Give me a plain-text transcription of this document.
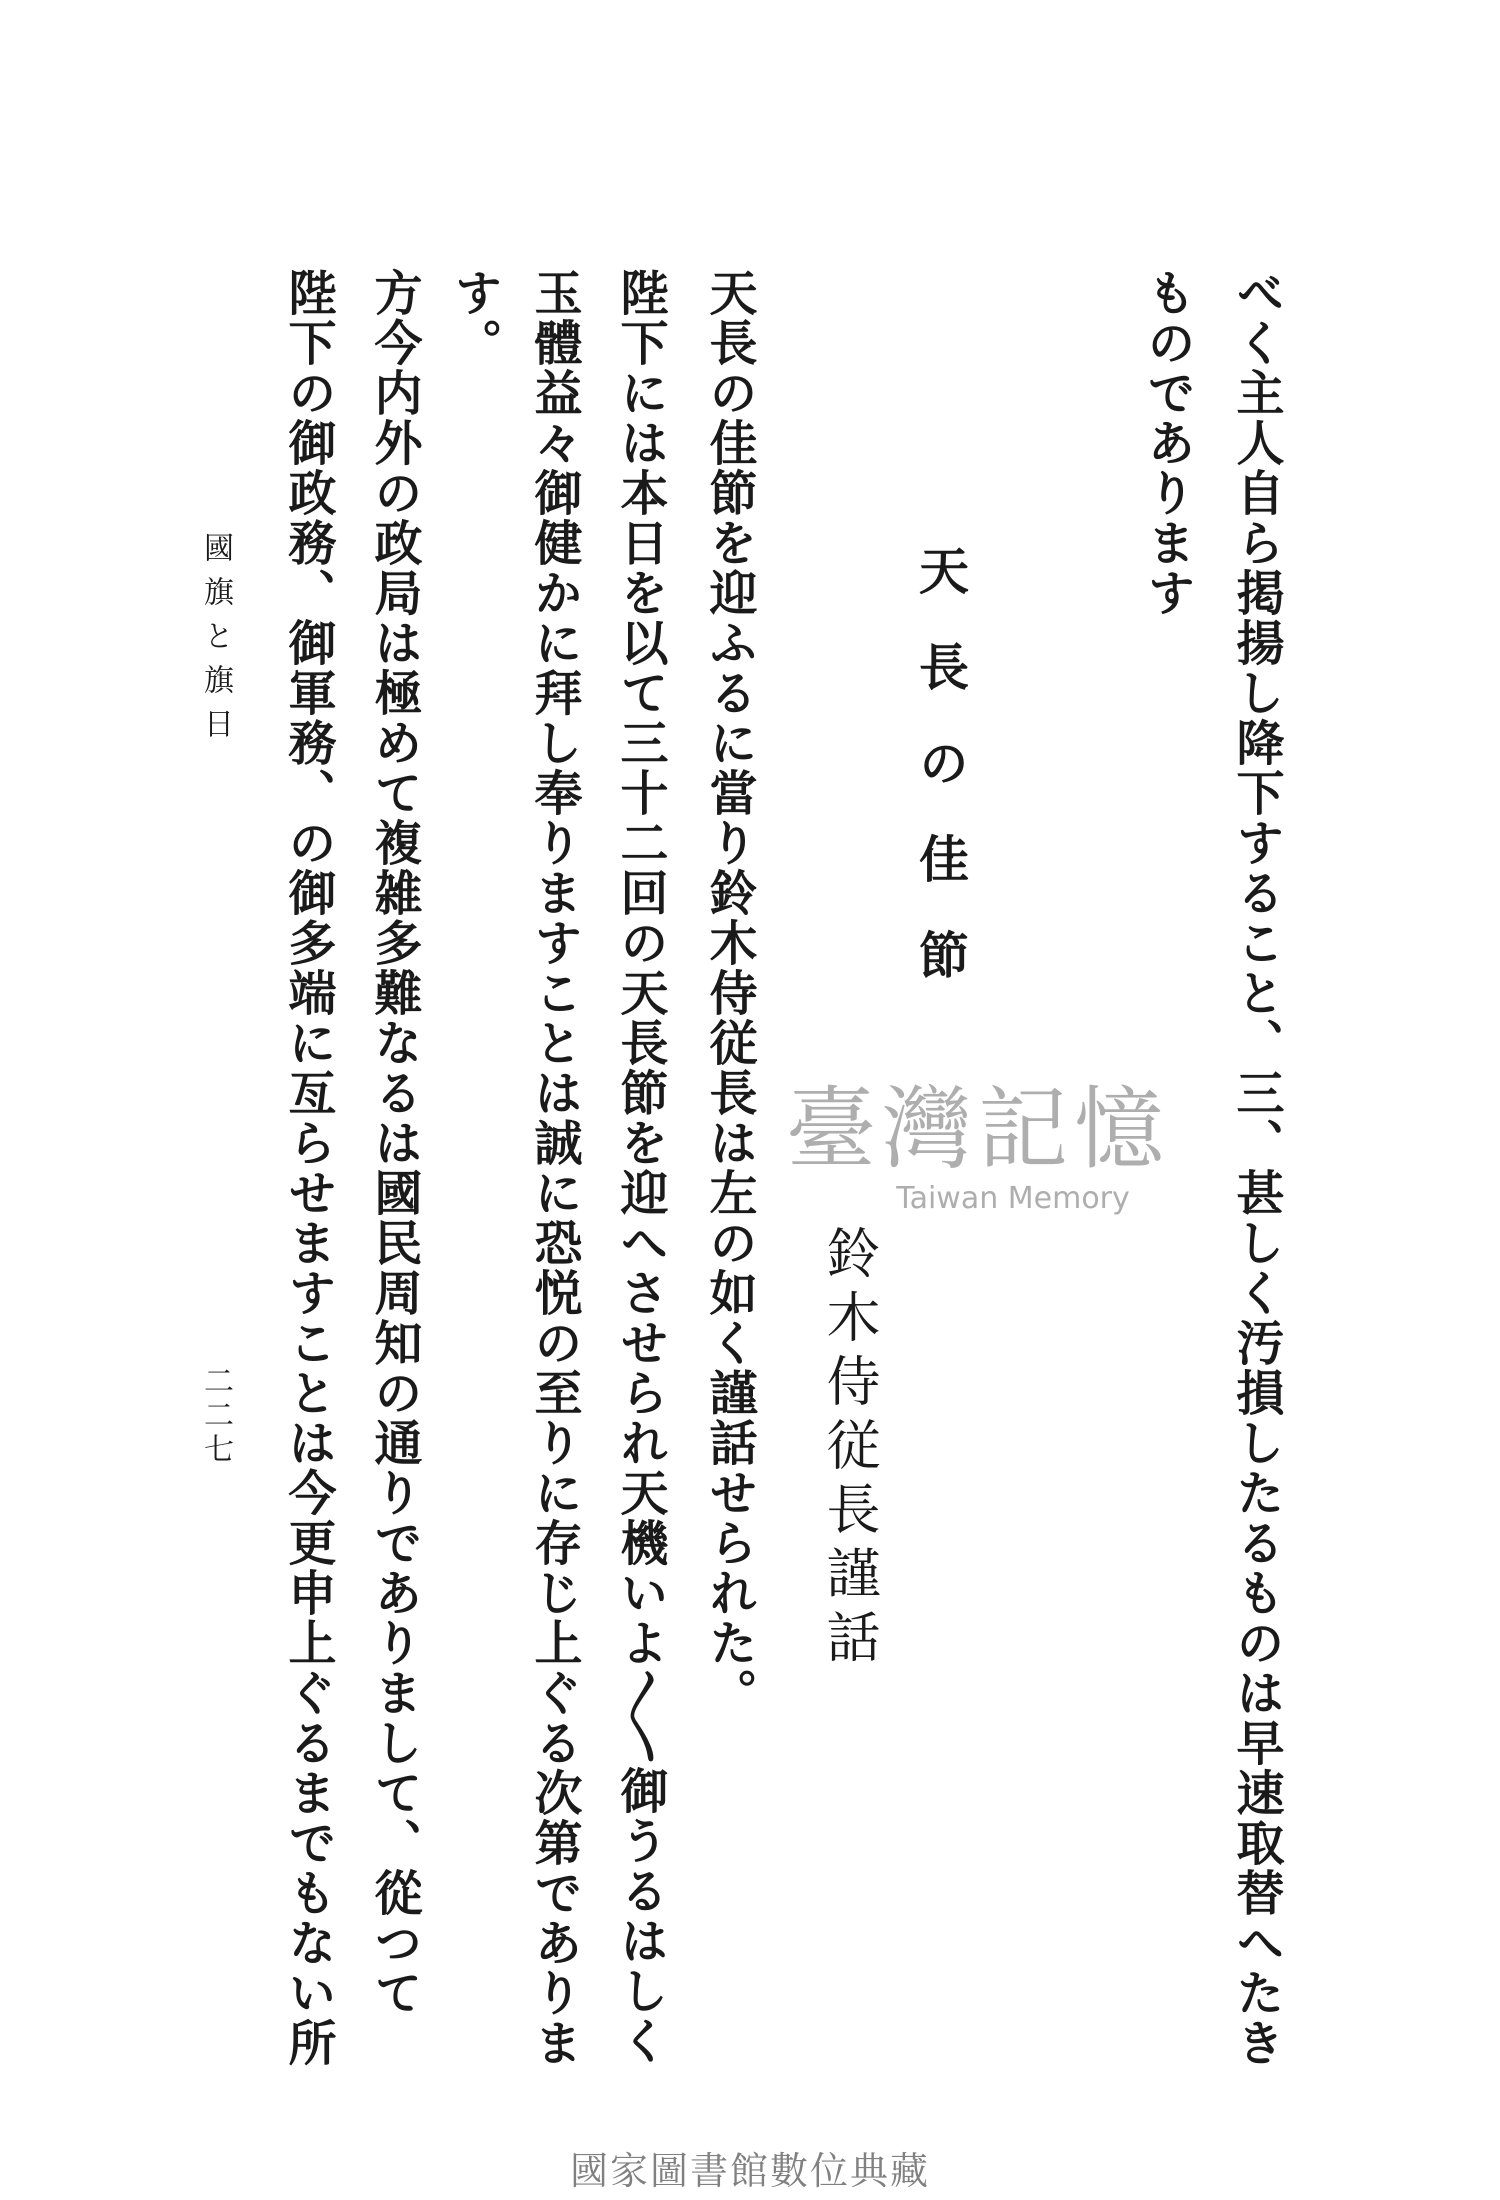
べく主人自ら掲揚し降下すること、三、甚しく汚損したるものは早速取替へたき
ものであります
天長の佳節
鈴木侍従長謹話
天長の佳節を迎ふるに當り鈴木侍従長は左の如く謹話せられた。
陛下には本日を以て三十二回の天長節を迎へさせられ天機いよ〳〵御うるはしく
玉體益々御健かに拜し奉りますことは誠に恐悦の至りに存じ上ぐる次第でありま
す。
方今内外の政局は極めて複雑多難なるは國民周知の通りでありまして、從つて
陛下の御政務、御軍務、の御多端に亙らせますことは今更申上ぐるまでもない所
國旗と旗日
二二七
臺灣記憶
Taiwan Memory
國家圖書館數位典藏
